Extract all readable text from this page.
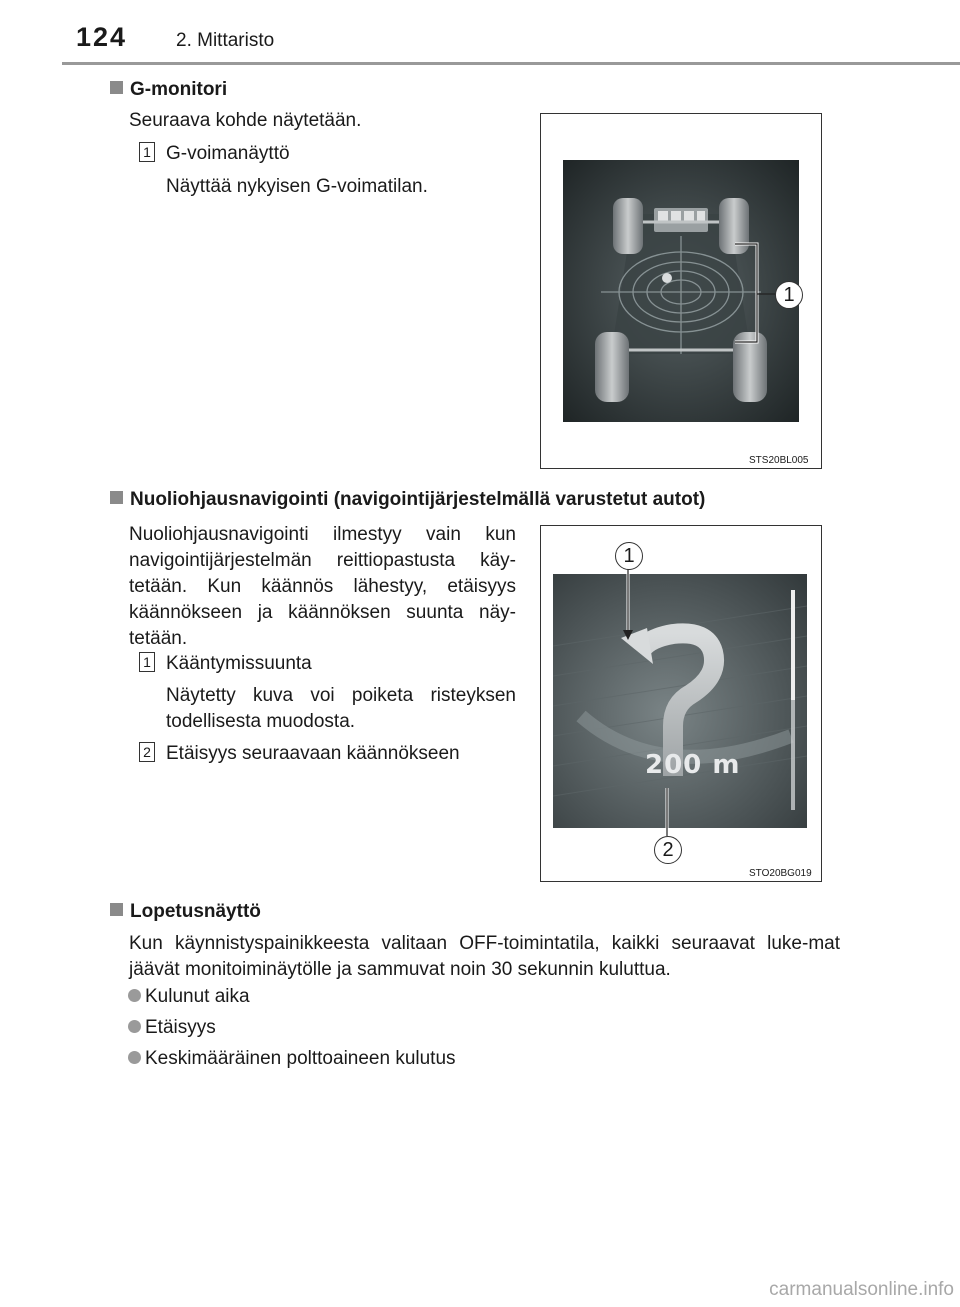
124	2. Mittaristo
G-monitori
Seuraava kohde näytetään.
1 G-voimanäyttö
Näyttää nykyisen G-voimatilan.
1
STS20BL005
Nuoliohjausnavigointi (navigointijärjestelmällä varustetut autot)
Nuoliohjausnavigointi ilmestyy vain kun navigointijärjestelmän reittiopastusta käy-tetään. Kun käännös lähestyy, etäisyys käännökseen ja käännöksen suunta näy-tetään.
1 Kääntymissuunta
Näytetty kuva voi poiketa risteyksen todellisesta muodosta.
2 Etäisyys seuraavaan käännökseen	200 m
1
2
STO20BG019
Lopetusnäyttö
Kun käynnistyspainikkeesta valitaan OFF-toimintatila, kaikki seuraavat luke-mat jäävät monitoiminäytölle ja sammuvat noin 30 sekunnin kuluttua.
Kulunut aika
Etäisyys
Keskimääräinen polttoaineen kulutus
carmanualsonline.info
